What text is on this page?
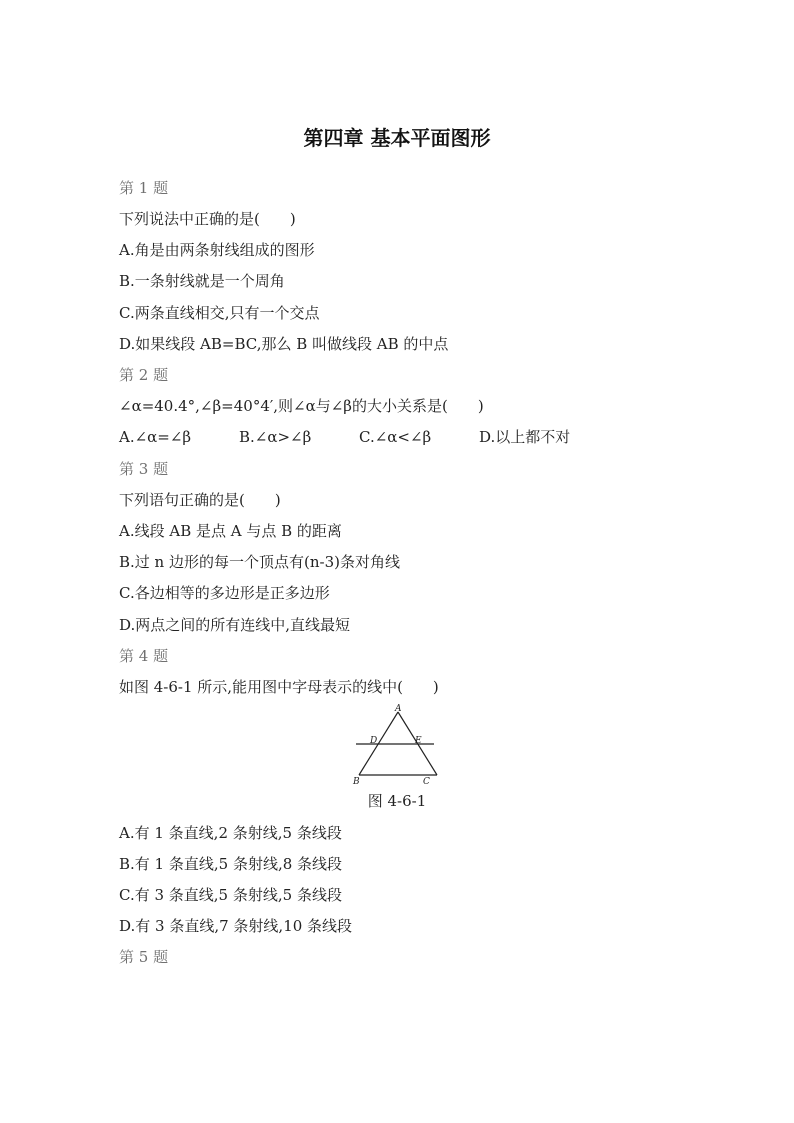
第四章 基本平面图形
第 1 题
下列说法中正确的是(　　)
A.角是由两条射线组成的图形
B.一条射线就是一个周角
C.两条直线相交,只有一个交点
D.如果线段 AB=BC,那么 B 叫做线段 AB 的中点
第 2 题
∠α=40.4°,∠β=40°4′,则∠α与∠β的大小关系是(　　)
A.∠α=∠β	B.∠α>∠β	C.∠α<∠β	D.以上都不对
第 3 题
下列语句正确的是(　　)
A.线段 AB 是点 A 与点 B 的距离
B.过 n 边形的每一个顶点有(n-3)条对角线
C.各边相等的多边形是正多边形
D.两点之间的所有连线中,直线最短
第 4 题
如图 4-6-1 所示,能用图中字母表示的线中(　　)
A
D	E
B	C
图 4-6-1
A.有 1 条直线,2 条射线,5 条线段
B.有 1 条直线,5 条射线,8 条线段
C.有 3 条直线,5 条射线,5 条线段
D.有 3 条直线,7 条射线,10 条线段
第 5 题
